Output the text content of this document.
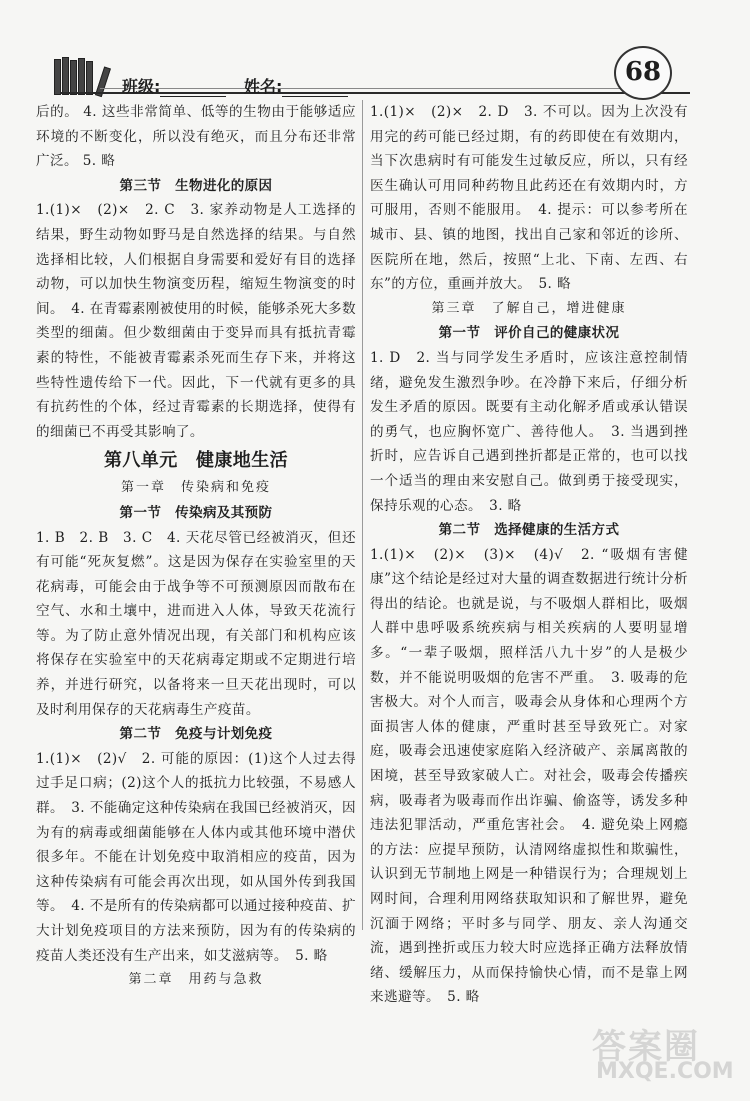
班级:	姓名:	68

后的。 4. 这些非常简单、低等的生物由于能够适应环境的不断变化，所以没有绝灭，而且分布还非常广泛。 5. 略

第三节　生物进化的原因

1.(1)×　(2)×　2. C　3. 家养动物是人工选择的结果，野生动物如野马是自然选择的结果。与自然选择相比较，人们根据自身需要和爱好有目的选择动物，可以加快生物演变历程，缩短生物演变的时间。　4. 在青霉素刚被使用的时候，能够杀死大多数类型的细菌。但少数细菌由于变异而具有抵抗青霉素的特性，不能被青霉素杀死而生存下来，并将这些特性遗传给下一代。因此，下一代就有更多的具有抗药性的个体，经过青霉素的长期选择，使得有的细菌已不再受其影响了。

第八单元　健康地生活

第一章　传染病和免疫

第一节　传染病及其预防

1. B　2. B　3. C　4. 天花尽管已经被消灭，但还有可能“死灰复燃”。这是因为保存在实验室里的天花病毒，可能会由于战争等不可预测原因而散布在空气、水和土壤中，进而进入人体，导致天花流行等。为了防止意外情况出现，有关部门和机构应该将保存在实验室中的天花病毒定期或不定期进行培养，并进行研究，以备将来一旦天花出现时，可以及时利用保存的天花病毒生产疫苗。

第二节　免疫与计划免疫

1.(1)×　(2)√　2. 可能的原因：(1)这个人过去得过手足口病；(2)这个人的抵抗力比较强，不易感人群。　3. 不能确定这种传染病在我国已经被消灭，因为有的病毒或细菌能够在人体内或其他环境中潜伏很多年。不能在计划免疫中取消相应的疫苗，因为这种传染病有可能会再次出现，如从国外传到我国等。　4. 不是所有的传染病都可以通过接种疫苗、扩大计划免疫项目的方法来预防，因为有的传染病的疫苗人类还没有生产出来，如艾滋病等。　5. 略

第二章　用药与急救

1.(1)×　(2)×　2. D　3. 不可以。因为上次没有用完的药可能已经过期，有的药即使在有效期内，当下次患病时有可能发生过敏反应，所以，只有经医生确认可用同种药物且此药还在有效期内时，方可服用，否则不能服用。　4. 提示：可以参考所在城市、县、镇的地图，找出自己家和邻近的诊所、医院所在地，然后，按照“上北、下南、左西、右东”的方位，重画并放大。　5. 略

第三章　了解自己，增进健康

第一节　评价自己的健康状况

1. D　2. 当与同学发生矛盾时，应该注意控制情绪，避免发生激烈争吵。在冷静下来后，仔细分析发生矛盾的原因。既要有主动化解矛盾或承认错误的勇气，也应胸怀宽广、善待他人。　3. 当遇到挫折时，应告诉自己遇到挫折都是正常的，也可以找一个适当的理由来安慰自己。做到勇于接受现实，保持乐观的心态。　3. 略

第二节　选择健康的生活方式

1.(1)×　(2)×　(3)×　(4)√　2. “吸烟有害健康”这个结论是经过对大量的调查数据进行统计分析得出的结论。也就是说，与不吸烟人群相比，吸烟人群中患呼吸系统疾病与相关疾病的人要明显增多。“一辈子吸烟，照样活八九十岁”的人是极少数，并不能说明吸烟的危害不严重。　3. 吸毒的危害极大。对个人而言，吸毒会从身体和心理两个方面损害人体的健康，严重时甚至导致死亡。对家庭，吸毒会迅速使家庭陷入经济破产、亲属离散的困境，甚至导致家破人亡。对社会，吸毒会传播疾病，吸毒者为吸毒而作出诈骗、偷盗等，诱发多种违法犯罪活动，严重危害社会。　4. 避免染上网瘾的方法：应提早预防，认清网络虚拟性和欺骗性，认识到无节制地上网是一种错误行为；合理规划上网时间，合理利用网络获取知识和了解世界，避免沉湎于网络；平时多与同学、朋友、亲人沟通交流，遇到挫折或压力较大时应选择正确方法释放情绪、缓解压力，从而保持愉快心情，而不是靠上网来逃避等。　5. 略

答案圈
MXQE.COM
